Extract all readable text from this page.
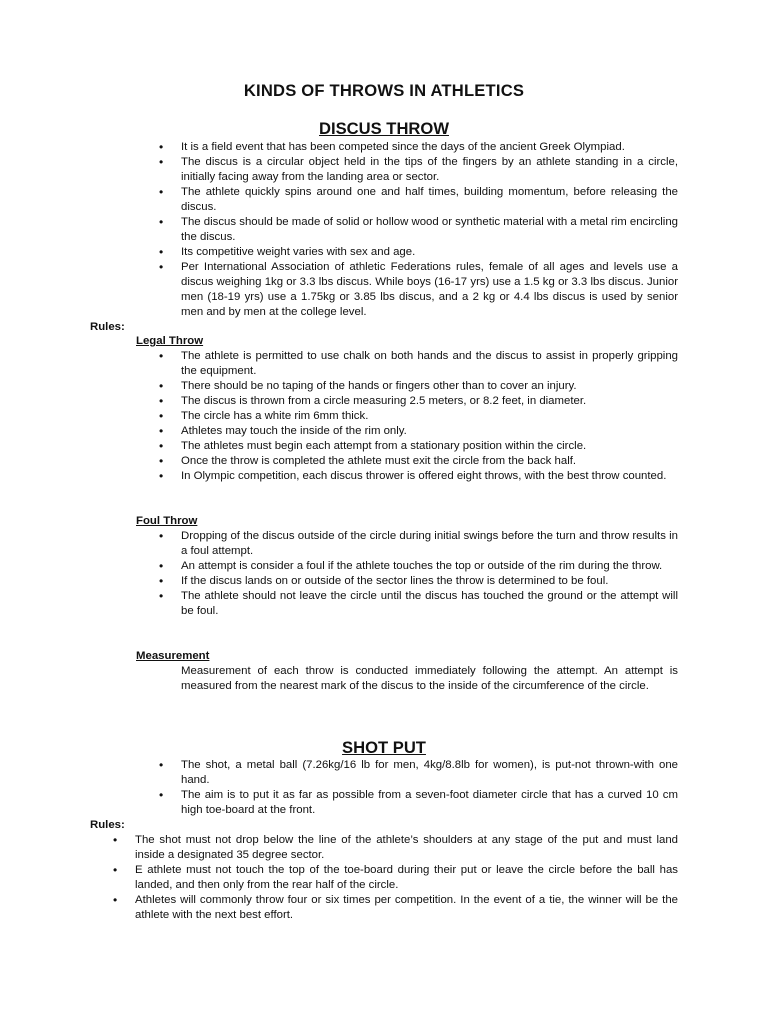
KINDS OF THROWS IN ATHLETICS
DISCUS THROW
• It is a field event that has been competed since the days of the ancient Greek Olympiad.
• The discus is a circular object held in the tips of the fingers by an athlete standing in a circle, initially facing away from the landing area or sector.
• The athlete quickly spins around one and half times, building momentum, before releasing the discus.
• The discus should be made of solid or hollow wood or synthetic material with a metal rim encircling the discus.
• Its competitive weight varies with sex and age.
• Per International Association of athletic Federations rules, female of all ages and levels use a discus weighing 1kg or 3.3 lbs discus. While boys (16-17 yrs) use a 1.5 kg or 3.3 lbs discus. Junior men (18-19 yrs) use a 1.75kg or 3.85 lbs discus, and a 2 kg or 4.4 lbs discus is used by senior men and by men at the college level.
Rules:
Legal Throw
• The athlete is permitted to use chalk on both hands and the discus to assist in properly gripping the equipment.
• There should be no taping of the hands or fingers other than to cover an injury.
• The discus is thrown from a circle measuring 2.5 meters, or 8.2 feet, in diameter.
• The circle has a white rim 6mm thick.
• Athletes may touch the inside of the rim only.
• The athletes must begin each attempt from a stationary position within the circle.
• Once the throw is completed the athlete must exit the circle from the back half.
• In Olympic competition, each discus thrower is offered eight throws, with the best throw counted.
Foul Throw
• Dropping of the discus outside of the circle during initial swings before the turn and throw results in a foul attempt.
• An attempt is consider a foul if the athlete touches the top or outside of the rim during the throw.
• If the discus lands on or outside of the sector lines the throw is determined to be foul.
• The athlete should not leave the circle until the discus has touched the ground or the attempt will be foul.
Measurement
Measurement of each throw is conducted immediately following the attempt. An attempt is measured from the nearest mark of the discus to the inside of the circumference of the circle.
SHOT PUT
• The shot, a metal ball (7.26kg/16 lb for men, 4kg/8.8lb for women), is put-not thrown-with one hand.
• The aim is to put it as far as possible from a seven-foot diameter circle that has a curved 10 cm high toe-board at the front.
Rules:
• The shot must not drop below the line of the athlete’s shoulders at any stage of the put and must land inside a designated 35 degree sector.
• E athlete must not touch the top of the toe-board during their put or leave the circle before the ball has landed, and then only from the rear half of the circle.
• Athletes will commonly throw four or six times per competition. In the event of a tie, the winner will be the athlete with the next best effort.
